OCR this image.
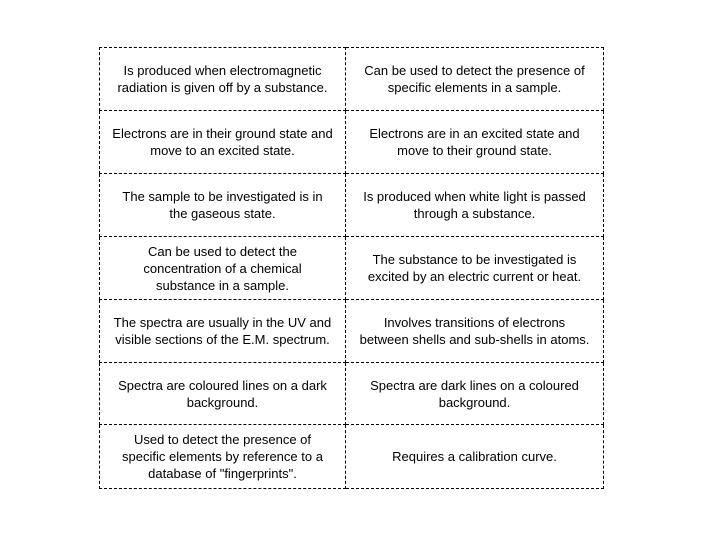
Is produced when electromagnetic radiation is given off by a substance.	Can be used to detect the presence of specific elements in a sample.
Electrons are in their ground state and move to an excited state.	Electrons are in an excited state and move to their ground state.
The sample to be investigated is in the gaseous state.	Is produced when white light is passed through a substance.
Can be used to detect the concentration of a chemical substance in a sample.	The substance to be investigated is excited by an electric current or heat.
The spectra are usually in the UV and visible sections of the E.M. spectrum.	Involves transitions of electrons between shells and sub-shells in atoms.
Spectra are coloured lines on a dark background.	Spectra are dark lines on a coloured background.
Used to detect the presence of specific elements by reference to a database of "fingerprints".	Requires a calibration curve.
